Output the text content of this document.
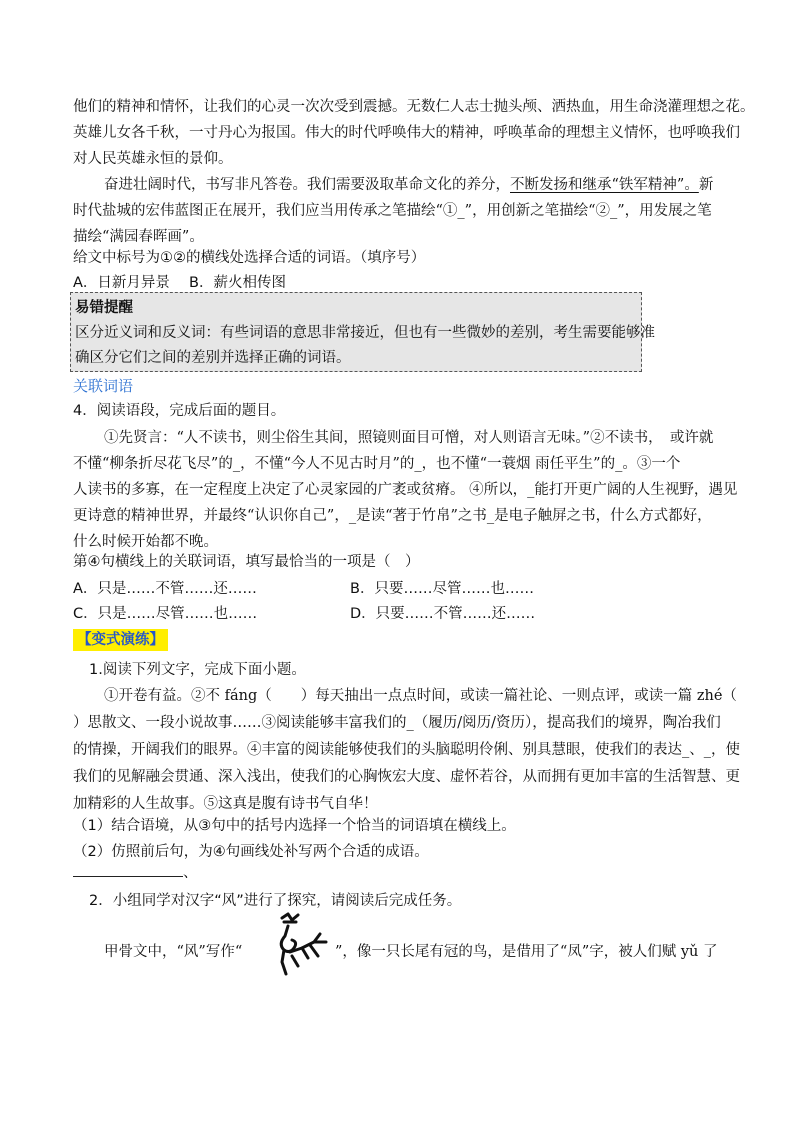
他们的精神和情怀，让我们的心灵一次次受到震撼。无数仁人志士抛头颅、洒热血，用生命浇灌理想之花。
英雄儿女各千秋，一寸丹心为报国。伟大的时代呼唤伟大的精神，呼唤革命的理想主义情怀，也呼唤我们
对人民英雄永恒的景仰。
奋进壮阔时代，书写非凡答卷。我们需要汲取革命文化的养分，不断发扬和继承“铁军精神”。新
时代盐城的宏伟蓝图正在展开，我们应当用传承之笔描绘“①_”，用创新之笔描绘“②_”，用发展之笔
描绘“满园春晖画”。
给文中标号为①②的横线处选择合适的词语。（填序号）
A．日新月异景　 B．薪火相传图
易错提醒
区分近义词和反义词：有些词语的意思非常接近，但也有一些微妙的差别，考生需要能够准
确区分它们之间的差别并选择正确的词语。
关联词语
4．阅读语段，完成后面的题目。
①先贤言：“人不读书，则尘俗生其间，照镜则面目可憎，对人则语言无味。”②不读书，　或许就
不懂“柳条折尽花飞尽”的_，不懂“今人不见古时月”的_，也不懂“一蓑烟 雨任平生”的_。③一个
人读书的多寡，在一定程度上决定了心灵家园的广袤或贫瘠。 ④所以，_能打开更广阔的人生视野，遇见
更诗意的精神世界，并最终“认识你自己”，_是读“著于竹帛”之书_是电子触屏之书，什么方式都好，
什么时候开始都不晚。
第④句横线上的关联词语，填写最恰当的一项是（　）
A．只是……不管……还……	B．只要……尽管……也……
C．只是……尽管……也……	D．只要……不管……还……
【变式演练】
1.阅读下列文字，完成下面小题。
①开卷有益。②不 fáng（　　）每天抽出一点点时间，或读一篇社论、一则点评，或读一篇 zhé（
）思散文、一段小说故事……③阅读能够丰富我们的_（履历/阅历/资历），提高我们的境界，陶冶我们
的情操，开阔我们的眼界。④丰富的阅读能够使我们的头脑聪明伶俐、别具慧眼，使我们的表达_、_，使
我们的见解融会贯通、深入浅出，使我们的心胸恢宏大度、虚怀若谷，从而拥有更加丰富的生活智慧、更
加精彩的人生故事。⑤这真是腹有诗书气自华！
（1）结合语境，从③句中的括号内选择一个恰当的词语填在横线上。
（2）仿照前后句，为④句画线处补写两个合适的成语。
、
2．小组同学对汉字“风”进行了探究，请阅读后完成任务。
甲骨文中，“风”写作“	”，像一只长尾有冠的鸟，是借用了“凤”字，被人们赋 yǔ 了
